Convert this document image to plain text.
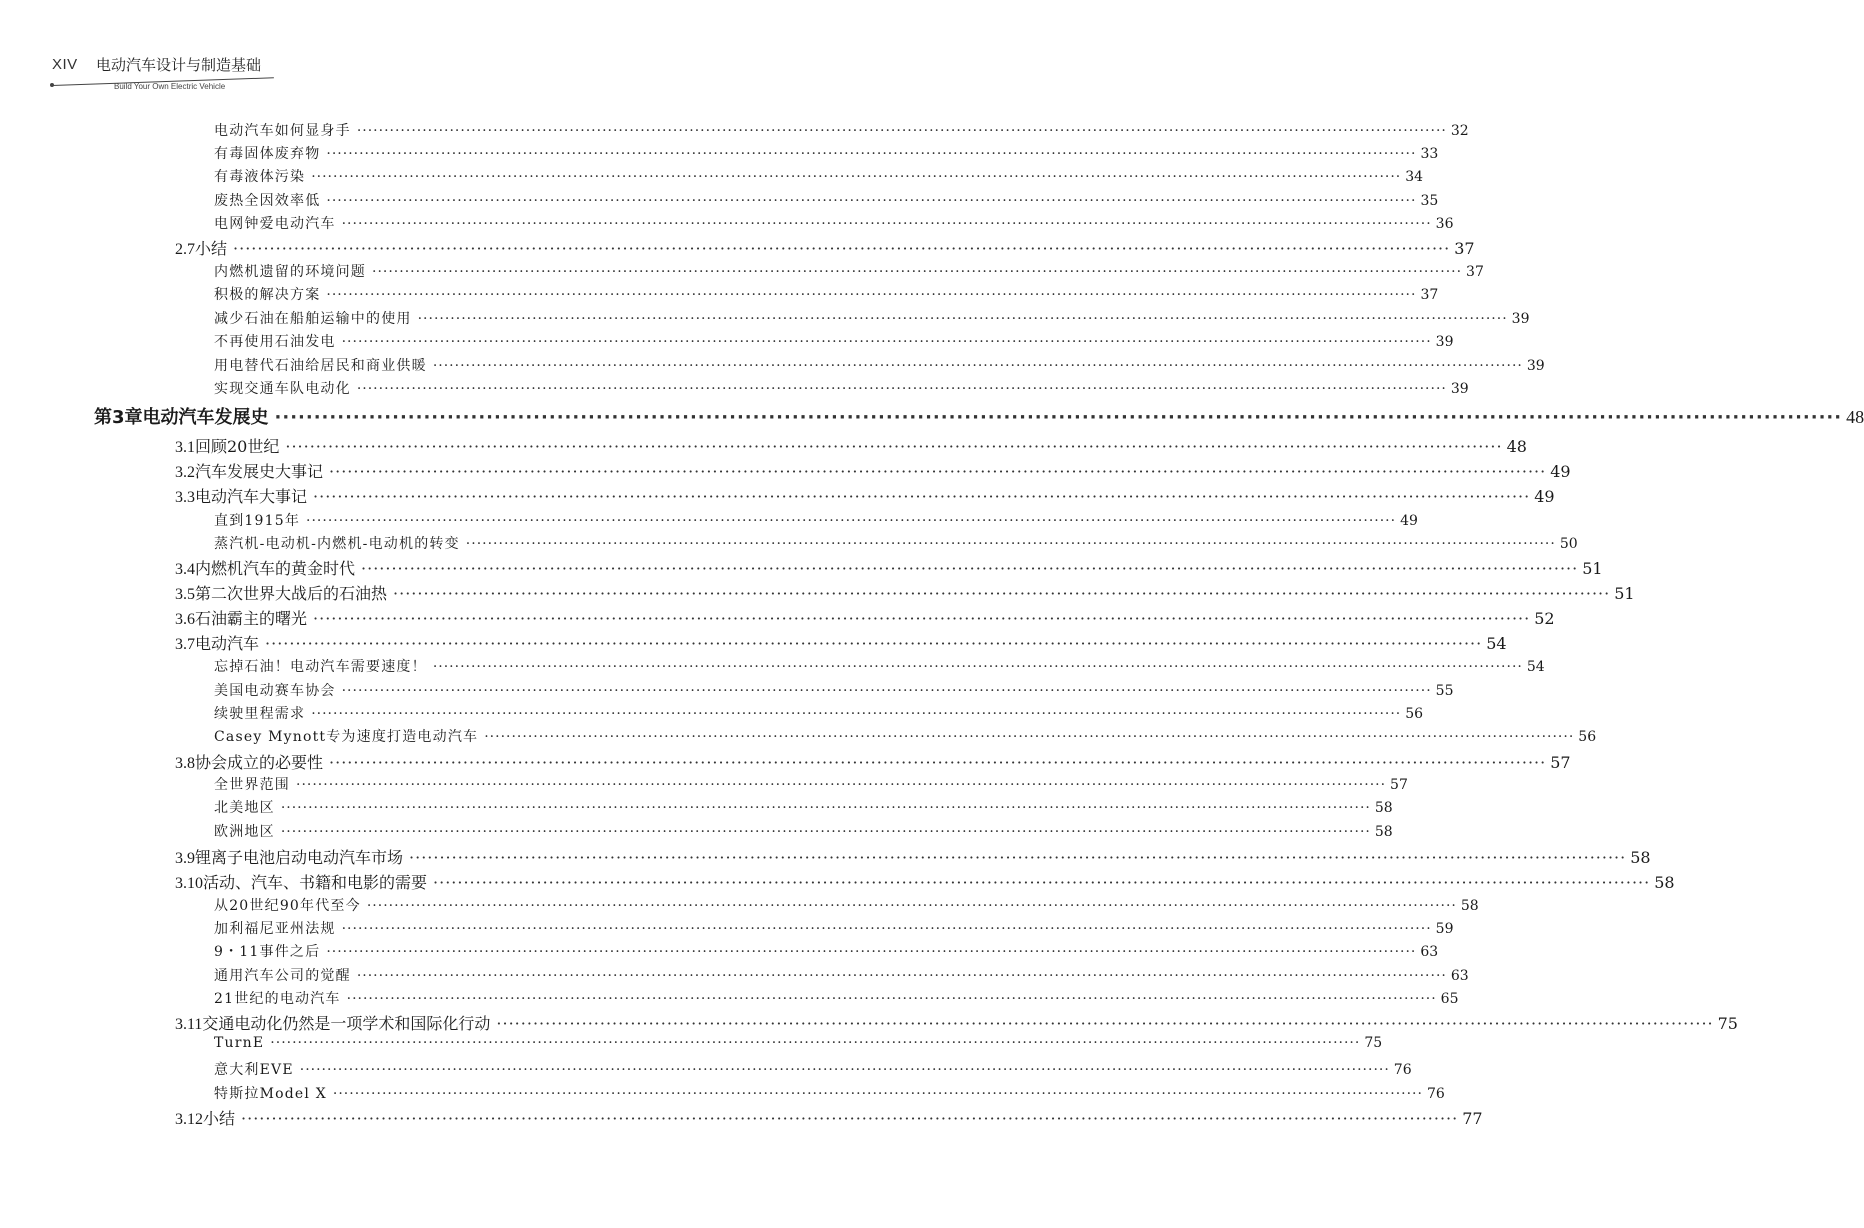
XIV 电动汽车设计与制造基础
Build Your Own Electric Vehicle
电动汽车如何显身手 ········································································································································································································ 32
有毒固体废弃物 ········································································································································································································ 33
有毒液体污染 ········································································································································································································ 34
废热全因效率低 ········································································································································································································ 35
电网钟爱电动汽车 ········································································································································································································ 36
2.7 小结 ········································································································································································································ 37
内燃机遗留的环境问题 ········································································································································································································ 37
积极的解决方案 ········································································································································································································ 37
减少石油在船舶运输中的使用 ········································································································································································································ 39
不再使用石油发电 ········································································································································································································ 39
用电替代石油给居民和商业供暖 ········································································································································································································ 39
实现交通车队电动化 ········································································································································································································ 39
第3章 电动汽车发展史 ········································································································································································································ 48
3.1 回顾20世纪 ········································································································································································································ 48
3.2 汽车发展史大事记 ········································································································································································································ 49
3.3 电动汽车大事记 ········································································································································································································ 49
直到1915年 ········································································································································································································ 49
蒸汽机-电动机-内燃机-电动机的转变 ········································································································································································································ 50
3.4 内燃机汽车的黄金时代 ········································································································································································································ 51
3.5 第二次世界大战后的石油热 ········································································································································································································ 51
3.6 石油霸主的曙光 ········································································································································································································ 52
3.7 电动汽车 ········································································································································································································ 54
忘掉石油！电动汽车需要速度！ ········································································································································································································ 54
美国电动赛车协会 ········································································································································································································ 55
续驶里程需求 ········································································································································································································ 56
Casey Mynott专为速度打造电动汽车 ········································································································································································································ 56
3.8 协会成立的必要性 ········································································································································································································ 57
全世界范围 ········································································································································································································ 57
北美地区 ········································································································································································································ 58
欧洲地区 ········································································································································································································ 58
3.9 锂离子电池启动电动汽车市场 ········································································································································································································ 58
3.10 活动、汽车、书籍和电影的需要 ········································································································································································································ 58
从20世纪90年代至今 ········································································································································································································ 58
加利福尼亚州法规 ········································································································································································································ 59
9・11事件之后 ········································································································································································································ 63
通用汽车公司的觉醒 ········································································································································································································ 63
21世纪的电动汽车 ········································································································································································································ 65
3.11 交通电动化仍然是一项学术和国际化行动 ········································································································································································································ 75
TurnE ········································································································································································································ 75
意大利EVE ········································································································································································································ 76
特斯拉Model X ········································································································································································································ 76
3.12 小结 ········································································································································································································ 77
